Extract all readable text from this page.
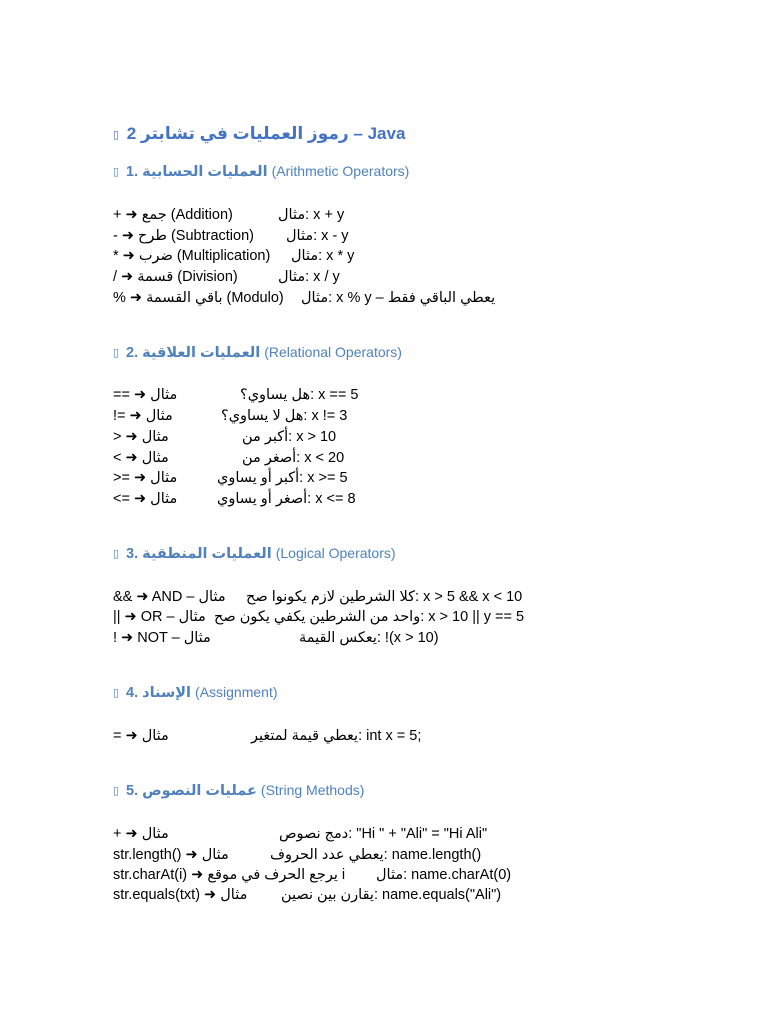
▯ 2 رموز العمليات في تشابتر – Java
▯ 1. العمليات الحسابية (Arithmetic Operators)
+ ➜ جمع (Addition)	مثال: x + y
- ➜ طرح (Subtraction) مثال: x - y
* ➜ ضرب (Multiplication) مثال: x * y
/ ➜ قسمة (Division)	مثال: x / y
% ➜ باقي القسمة (Modulo) مثال: x % y – يعطي الباقي فقط
▯ 2. العمليات العلاقية (Relational Operators)
== ➜ مثال	هل يساوي؟: x == 5
!= ➜ مثال	هل لا يساوي؟: x != 3
> ➜ مثال	أكبر من: x > 10
< ➜ مثال	أصغر من: x < 20
>= ➜ مثال	أكبر أو يساوي: x >= 5
<= ➜ مثال	أصغر أو يساوي: x <= 8
▯ 3. العمليات المنطقية (Logical Operators)
&& ➜ AND – مثال كلا الشرطين لازم يكونوا صح: x > 5 && x < 10
|| ➜ OR – مثال واحد من الشرطين يكفي يكون صح: x > 10 || y == 5
! ➜ NOT – مثال	يعكس القيمة: !(x > 10)
▯ 4. الإسناد (Assignment)
= ➜ مثال	يعطي قيمة لمتغير: int x = 5;
▯ 5. عمليات النصوص (String Methods)
+ ➜ مثال	دمج نصوص: "Hi " + "Ali" = "Hi Ali"
str.length() ➜ مثال	يعطي عدد الحروف: name.length()
str.charAt(i) ➜ يرجع الحرف في موقع i مثال: name.charAt(0)
str.equals(txt) ➜ مثال يقارن بين نصين: name.equals("Ali")
